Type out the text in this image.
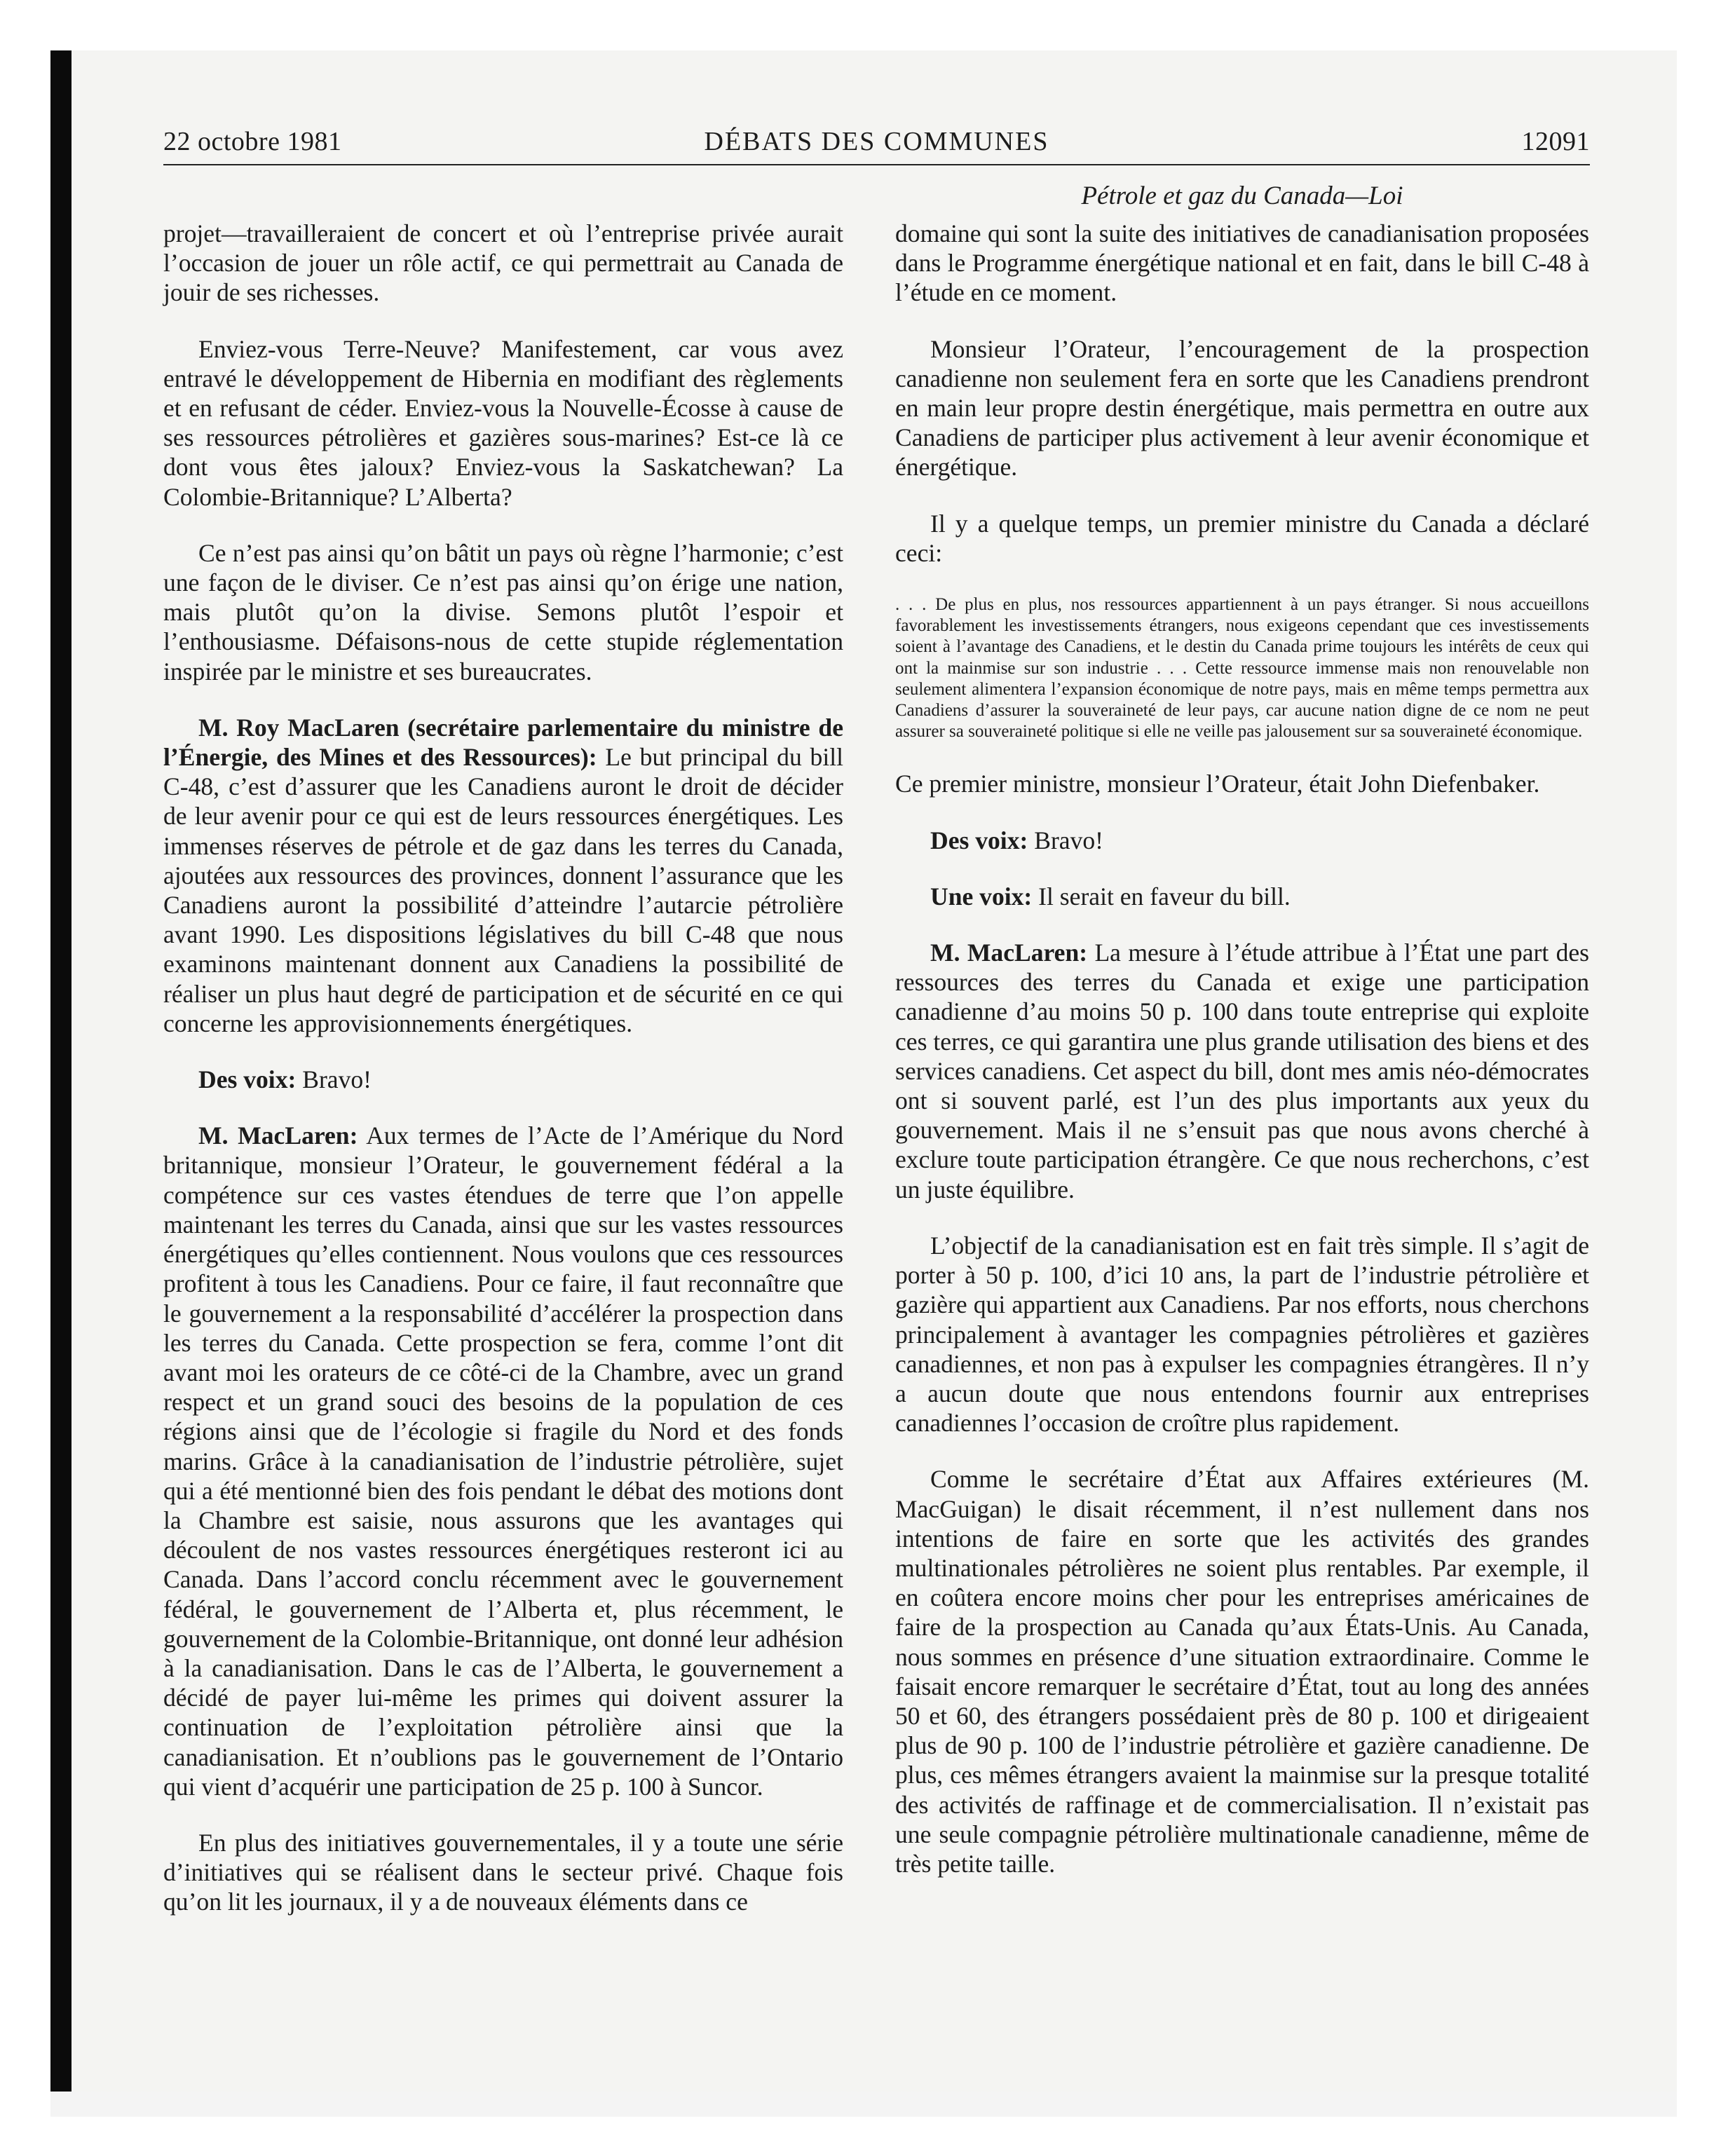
22 octobre 1981	DÉBATS DES COMMUNES	12091
Pétrole et gaz du Canada—Loi

projet—travailleraient de concert et où l’entreprise privée aurait l’occasion de jouer un rôle actif, ce qui permettrait au Canada de jouir de ses richesses.

Enviez-vous Terre-Neuve? Manifestement, car vous avez entravé le développement de Hibernia en modifiant des règlements et en refusant de céder. Enviez-vous la Nouvelle-Écosse à cause de ses ressources pétrolières et gazières sous-marines? Est-ce là ce dont vous êtes jaloux? Enviez-vous la Saskatchewan? La Colombie-Britannique? L’Alberta?

Ce n’est pas ainsi qu’on bâtit un pays où règne l’harmonie; c’est une façon de le diviser. Ce n’est pas ainsi qu’on érige une nation, mais plutôt qu’on la divise. Semons plutôt l’espoir et l’enthousiasme. Défaisons-nous de cette stupide réglementation inspirée par le ministre et ses bureaucrates.

M. Roy MacLaren (secrétaire parlementaire du ministre de l’Énergie, des Mines et des Ressources): Le but principal du bill C-48, c’est d’assurer que les Canadiens auront le droit de décider de leur avenir pour ce qui est de leurs ressources énergétiques. Les immenses réserves de pétrole et de gaz dans les terres du Canada, ajoutées aux ressources des provinces, donnent l’assurance que les Canadiens auront la possibilité d’atteindre l’autarcie pétrolière avant 1990. Les dispositions législatives du bill C-48 que nous examinons maintenant donnent aux Canadiens la possibilité de réaliser un plus haut degré de participation et de sécurité en ce qui concerne les approvisionnements énergétiques.

Des voix: Bravo!

M. MacLaren: Aux termes de l’Acte de l’Amérique du Nord britannique, monsieur l’Orateur, le gouvernement fédéral a la compétence sur ces vastes étendues de terre que l’on appelle maintenant les terres du Canada, ainsi que sur les vastes ressources énergétiques qu’elles contiennent. Nous voulons que ces ressources profitent à tous les Canadiens. Pour ce faire, il faut reconnaître que le gouvernement a la responsabilité d’accélérer la prospection dans les terres du Canada. Cette prospection se fera, comme l’ont dit avant moi les orateurs de ce côté-ci de la Chambre, avec un grand respect et un grand souci des besoins de la population de ces régions ainsi que de l’écologie si fragile du Nord et des fonds marins. Grâce à la canadianisation de l’industrie pétrolière, sujet qui a été mentionné bien des fois pendant le débat des motions dont la Chambre est saisie, nous assurons que les avantages qui découlent de nos vastes ressources énergétiques resteront ici au Canada. Dans l’accord conclu récemment avec le gouvernement fédéral, le gouvernement de l’Alberta et, plus récemment, le gouvernement de la Colombie-Britannique, ont donné leur adhésion à la canadianisation. Dans le cas de l’Alberta, le gouvernement a décidé de payer lui-même les primes qui doivent assurer la continuation de l’exploitation pétrolière ainsi que la canadianisation. Et n’oublions pas le gouvernement de l’Ontario qui vient d’acquérir une participation de 25 p. 100 à Suncor.

En plus des initiatives gouvernementales, il y a toute une série d’initiatives qui se réalisent dans le secteur privé. Chaque fois qu’on lit les journaux, il y a de nouveaux éléments dans ce

domaine qui sont la suite des initiatives de canadianisation proposées dans le Programme énergétique national et en fait, dans le bill C-48 à l’étude en ce moment.

Monsieur l’Orateur, l’encouragement de la prospection canadienne non seulement fera en sorte que les Canadiens prendront en main leur propre destin énergétique, mais permettra en outre aux Canadiens de participer plus activement à leur avenir économique et énergétique.

Il y a quelque temps, un premier ministre du Canada a déclaré ceci:

. . . De plus en plus, nos ressources appartiennent à un pays étranger. Si nous accueillons favorablement les investissements étrangers, nous exigeons cependant que ces investissements soient à l’avantage des Canadiens, et le destin du Canada prime toujours les intérêts de ceux qui ont la mainmise sur son industrie . . . Cette ressource immense mais non renouvelable non seulement alimentera l’expansion économique de notre pays, mais en même temps permettra aux Canadiens d’assurer la souveraineté de leur pays, car aucune nation digne de ce nom ne peut assurer sa souveraineté politique si elle ne veille pas jalousement sur sa souveraineté économique.

Ce premier ministre, monsieur l’Orateur, était John Diefenbaker.

Des voix: Bravo!

Une voix: Il serait en faveur du bill.

M. MacLaren: La mesure à l’étude attribue à l’État une part des ressources des terres du Canada et exige une participation canadienne d’au moins 50 p. 100 dans toute entreprise qui exploite ces terres, ce qui garantira une plus grande utilisation des biens et des services canadiens. Cet aspect du bill, dont mes amis néo-démocrates ont si souvent parlé, est l’un des plus importants aux yeux du gouvernement. Mais il ne s’ensuit pas que nous avons cherché à exclure toute participation étrangère. Ce que nous recherchons, c’est un juste équilibre.

L’objectif de la canadianisation est en fait très simple. Il s’agit de porter à 50 p. 100, d’ici 10 ans, la part de l’industrie pétrolière et gazière qui appartient aux Canadiens. Par nos efforts, nous cherchons principalement à avantager les compagnies pétrolières et gazières canadiennes, et non pas à expulser les compagnies étrangères. Il n’y a aucun doute que nous entendons fournir aux entreprises canadiennes l’occasion de croître plus rapidement.

Comme le secrétaire d’État aux Affaires extérieures (M. MacGuigan) le disait récemment, il n’est nullement dans nos intentions de faire en sorte que les activités des grandes multinationales pétrolières ne soient plus rentables. Par exemple, il en coûtera encore moins cher pour les entreprises américaines de faire de la prospection au Canada qu’aux États-Unis. Au Canada, nous sommes en présence d’une situation extraordinaire. Comme le faisait encore remarquer le secrétaire d’État, tout au long des années 50 et 60, des étrangers possédaient près de 80 p. 100 et dirigeaient plus de 90 p. 100 de l’industrie pétrolière et gazière canadienne. De plus, ces mêmes étrangers avaient la mainmise sur la presque totalité des activités de raffinage et de commercialisation. Il n’existait pas une seule compagnie pétrolière multinationale canadienne, même de très petite taille.
